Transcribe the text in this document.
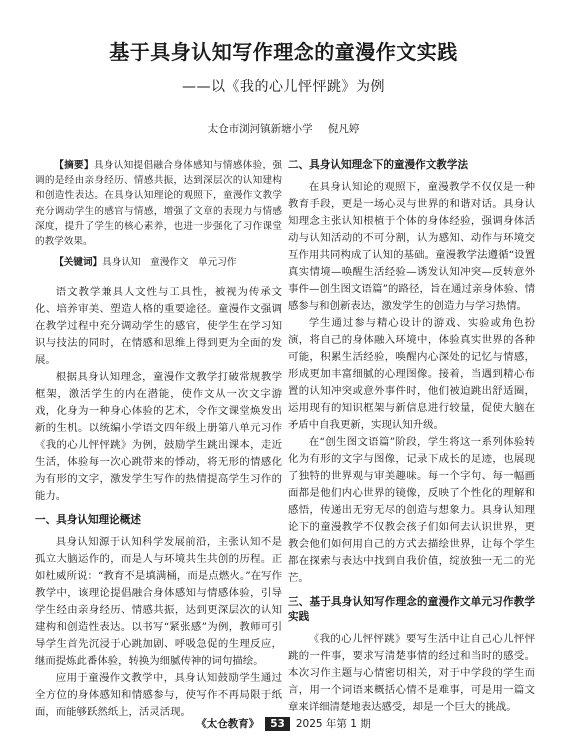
基于具身认知写作理念的童漫作文实践
——以《我的心儿怦怦跳》为例
太仓市浏河镇新塘小学 倪凡婷

【摘要】具身认知提倡融合身体感知与情感体验，强调的是经由亲身经历、情感共振，达到深层次的认知建构和创造性表达。在具身认知理论的观照下，童漫作文教学充分调动学生的感官与情感，增强了文章的表现力与情感深度，提升了学生的核心素养，也进一步强化了习作课堂的教学效果。

【关键词】具身认知　童漫作文　单元习作

语文教学兼具人文性与工具性，被视为传承文化、培养审美、塑造人格的重要途径。童漫作文强调在教学过程中充分调动学生的感官，使学生在学习知识与技法的同时，在情感和思维上得到更为全面的发展。

根据具身认知理念，童漫作文教学打破常规教学框架，激活学生的内在潜能，使作文从一次文字游戏，化身为一种身心体验的艺术，令作文课堂焕发出新的生机。以统编小学语文四年级上册第八单元习作《我的心儿怦怦跳》为例，鼓励学生跳出课本，走近生活，体验每一次心跳带来的悸动，将无形的情感化为有形的文字，激发学生写作的热情提高学生习作的能力。

一、具身认知理论概述

具身认知源于认知科学发展前沿，主张认知不是孤立大脑运作的，而是人与环境共生共创的历程。正如杜威所说：“教育不是填满桶，而是点燃火。”在写作教学中，该理论提倡融合身体感知与情感体验，引导学生经由亲身经历、情感共振，达到更深层次的认知建构和创造性表达。以书写“紧张感”为例，教师可引导学生首先沉浸于心跳加剧、呼吸急促的生理反应，继而提炼此番体验，转换为细腻传神的词句描绘。

应用于童漫作文教学中，具身认知鼓励学生通过全方位的身体感知和情感参与，使写作不再局限于纸面，而能够跃然纸上，活灵活现。

二、具身认知理念下的童漫作文教学法

在具身认知论的观照下，童漫教学不仅仅是一种教育手段，更是一场心灵与世界的和谐对话。具身认知理念主张认知根植于个体的身体经验，强调身体活动与认知活动的不可分割，认为感知、动作与环境交互作用共同构成了认知的基础。童漫教学法遵循“设置真实情境—唤醒生活经验—诱发认知冲突—反转意外事件—创生图文语篇”的路径，旨在通过亲身体验、情感参与和创新表达，激发学生的创造力与学习热情。

学生通过参与精心设计的游戏、实验或角色扮演，将自己的身体融入环境中，体验真实世界的各种可能，积累生活经验，唤醒内心深处的记忆与情感，形成更加丰富细腻的心理图像。接着，当遇到精心布置的认知冲突或意外事件时，他们被迫跳出舒适圈，运用现有的知识框架与新信息进行较量，促使大脑在矛盾中自我更新，实现认知升级。

在“创生图文语篇”阶段，学生将这一系列体验转化为有形的文字与图像，记录下成长的足迹，也展现了独特的世界观与审美趣味。每一个字句、每一幅画面都是他们内心世界的镜像，反映了个性化的理解和感悟，传递出无穷无尽的创造与想象力。具身认知理论下的童漫教学不仅教会孩子们如何去认识世界，更教会他们如何用自己的方式去描绘世界，让每个学生都在探索与表达中找到自我价值，绽放独一无二的光芒。

三、基于具身认知写作理念的童漫作文单元习作教学实践

《我的心儿怦怦跳》要写生活中让自己心儿怦怦跳的一件事，要求写清楚事情的经过和当时的感受。本次习作主题与心情密切相关，对于中学段的学生而言，用一个词语来概括心情不是难事，可是用一篇文章来详细清楚地表达感受，却是一个巨大的挑战。

《太仓教育》 53 2025 年第 1 期
